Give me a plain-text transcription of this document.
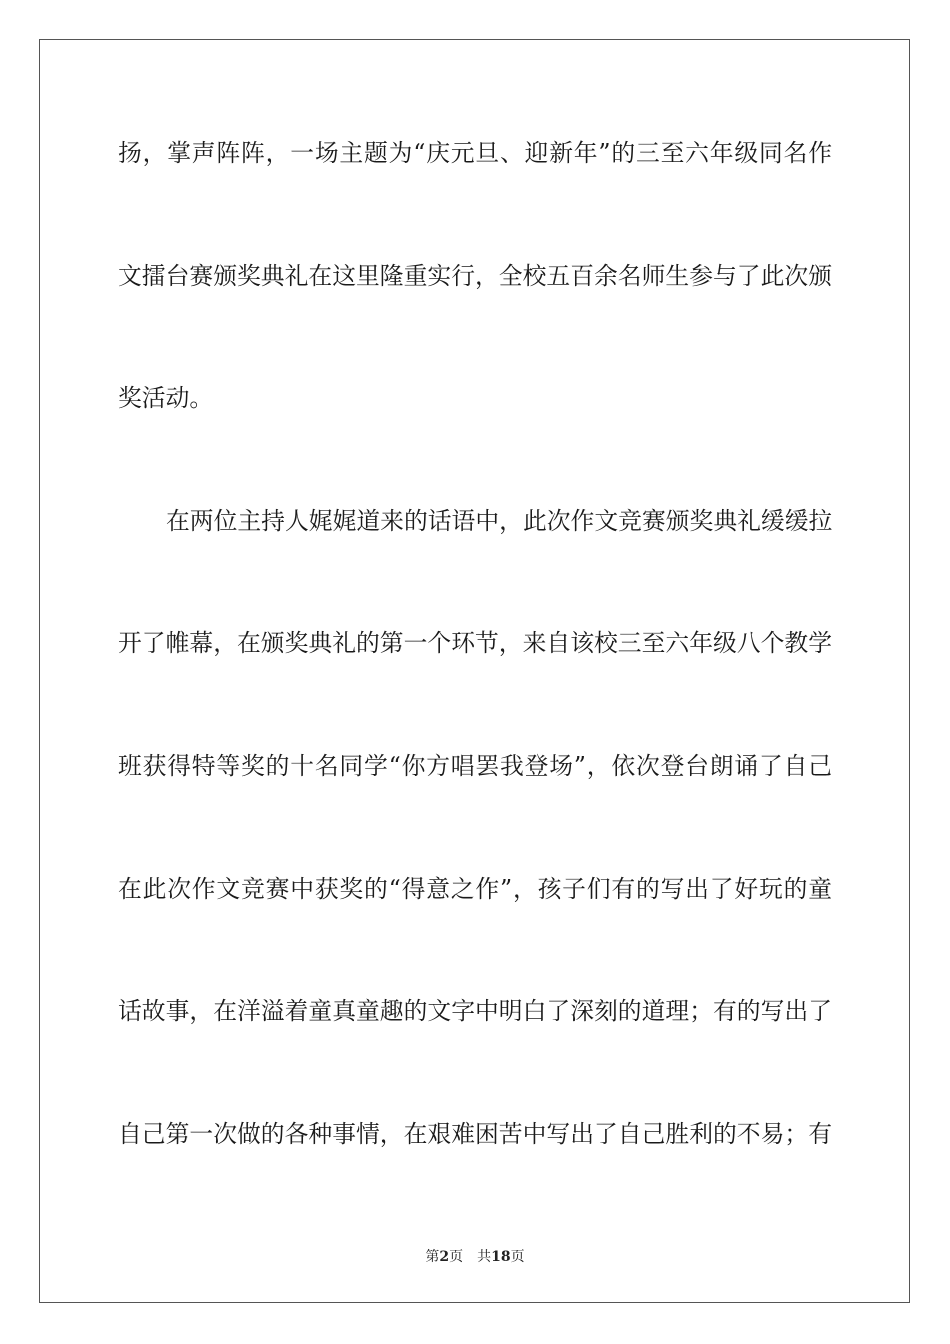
扬，掌声阵阵，一场主题为“庆元旦、迎新年”的三至六年级同名作
文擂台赛颁奖典礼在这里隆重实行，全校五百余名师生参与了此次颁
奖活动。
在两位主持人娓娓道来的话语中，此次作文竞赛颁奖典礼缓缓拉
开了帷幕，在颁奖典礼的第一个环节，来自该校三至六年级八个教学
班获得特等奖的十名同学“你方唱罢我登场”，依次登台朗诵了自己
在此次作文竞赛中获奖的“得意之作”，孩子们有的写出了好玩的童
话故事，在洋溢着童真童趣的文字中明白了深刻的道理；有的写出了
自己第一次做的各种事情，在艰难困苦中写出了自己胜利的不易；有
第2页 共18页
